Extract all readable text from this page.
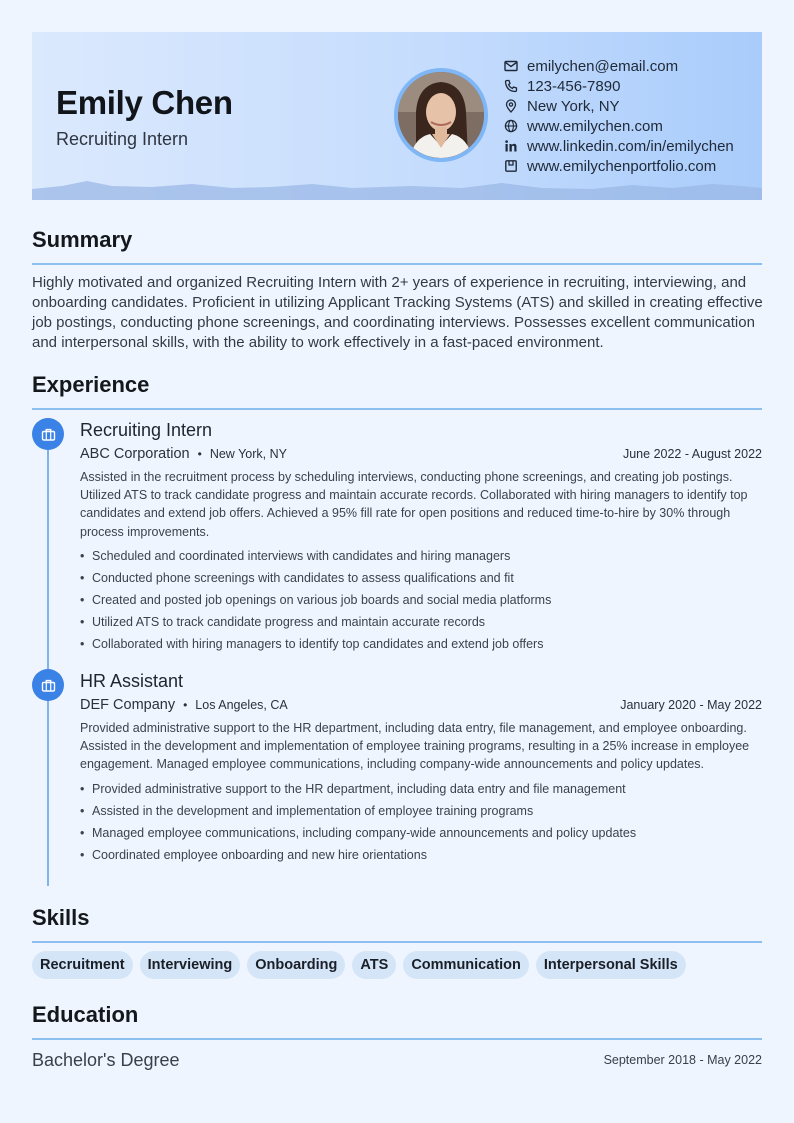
Emily Chen
Recruiting Intern
emilychen@email.com
123-456-7890
New York, NY
www.emilychen.com
www.linkedin.com/in/emilychen
www.emilychenportfolio.com
Summary
Highly motivated and organized Recruiting Intern with 2+ years of experience in recruiting, interviewing, and onboarding candidates. Proficient in utilizing Applicant Tracking Systems (ATS) and skilled in creating effective job postings, conducting phone screenings, and coordinating interviews. Possesses excellent communication and interpersonal skills, with the ability to work effectively in a fast-paced environment.
Experience
Recruiting Intern
ABC Corporation • New York, NY	June 2022 - August 2022
Assisted in the recruitment process by scheduling interviews, conducting phone screenings, and creating job postings. Utilized ATS to track candidate progress and maintain accurate records. Collaborated with hiring managers to identify top candidates and extend job offers. Achieved a 95% fill rate for open positions and reduced time-to-hire by 30% through process improvements.
• Scheduled and coordinated interviews with candidates and hiring managers
• Conducted phone screenings with candidates to assess qualifications and fit
• Created and posted job openings on various job boards and social media platforms
• Utilized ATS to track candidate progress and maintain accurate records
• Collaborated with hiring managers to identify top candidates and extend job offers
HR Assistant
DEF Company • Los Angeles, CA	January 2020 - May 2022
Provided administrative support to the HR department, including data entry, file management, and employee onboarding. Assisted in the development and implementation of employee training programs, resulting in a 25% increase in employee engagement. Managed employee communications, including company-wide announcements and policy updates.
• Provided administrative support to the HR department, including data entry and file management
• Assisted in the development and implementation of employee training programs
• Managed employee communications, including company-wide announcements and policy updates
• Coordinated employee onboarding and new hire orientations
Skills
Recruitment	Interviewing	Onboarding	ATS	Communication	Interpersonal Skills
Education
Bachelor's Degree	September 2018 - May 2022
